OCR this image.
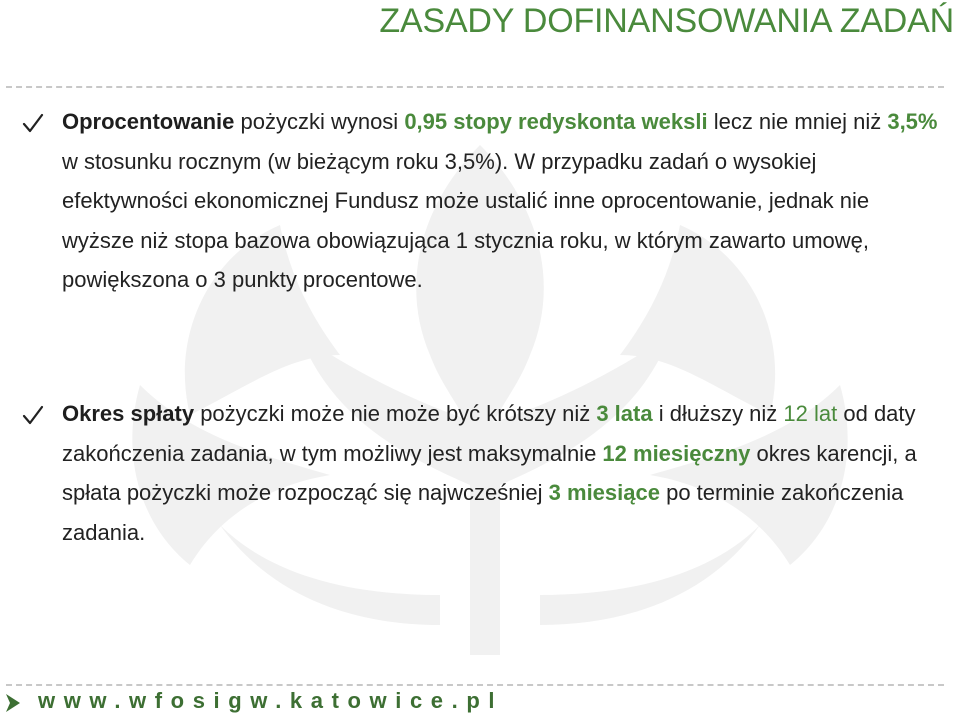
ZASADY DOFINANSOWANIA ZADAŃ
Oprocentowanie pożyczki wynosi 0,95 stopy redyskonta weksli lecz nie mniej niż 3,5% w stosunku rocznym (w bieżącym roku 3,5%). W przypadku zadań o wysokiej efektywności ekonomicznej Fundusz może ustalić inne oprocentowanie, jednak nie wyższe niż stopa bazowa obowiązująca 1 stycznia roku, w którym zawarto umowę, powiększona o 3 punkty procentowe.
Okres spłaty pożyczki może nie może być krótszy niż 3 lata i dłuższy niż 12 lat od daty zakończenia zadania, w tym możliwy jest maksymalnie 12 miesięczny okres karencji, a spłata pożyczki może rozpocząć się najwcześniej 3 miesiące po terminie zakończenia zadania.
www.wfosigw.katowice.pl
